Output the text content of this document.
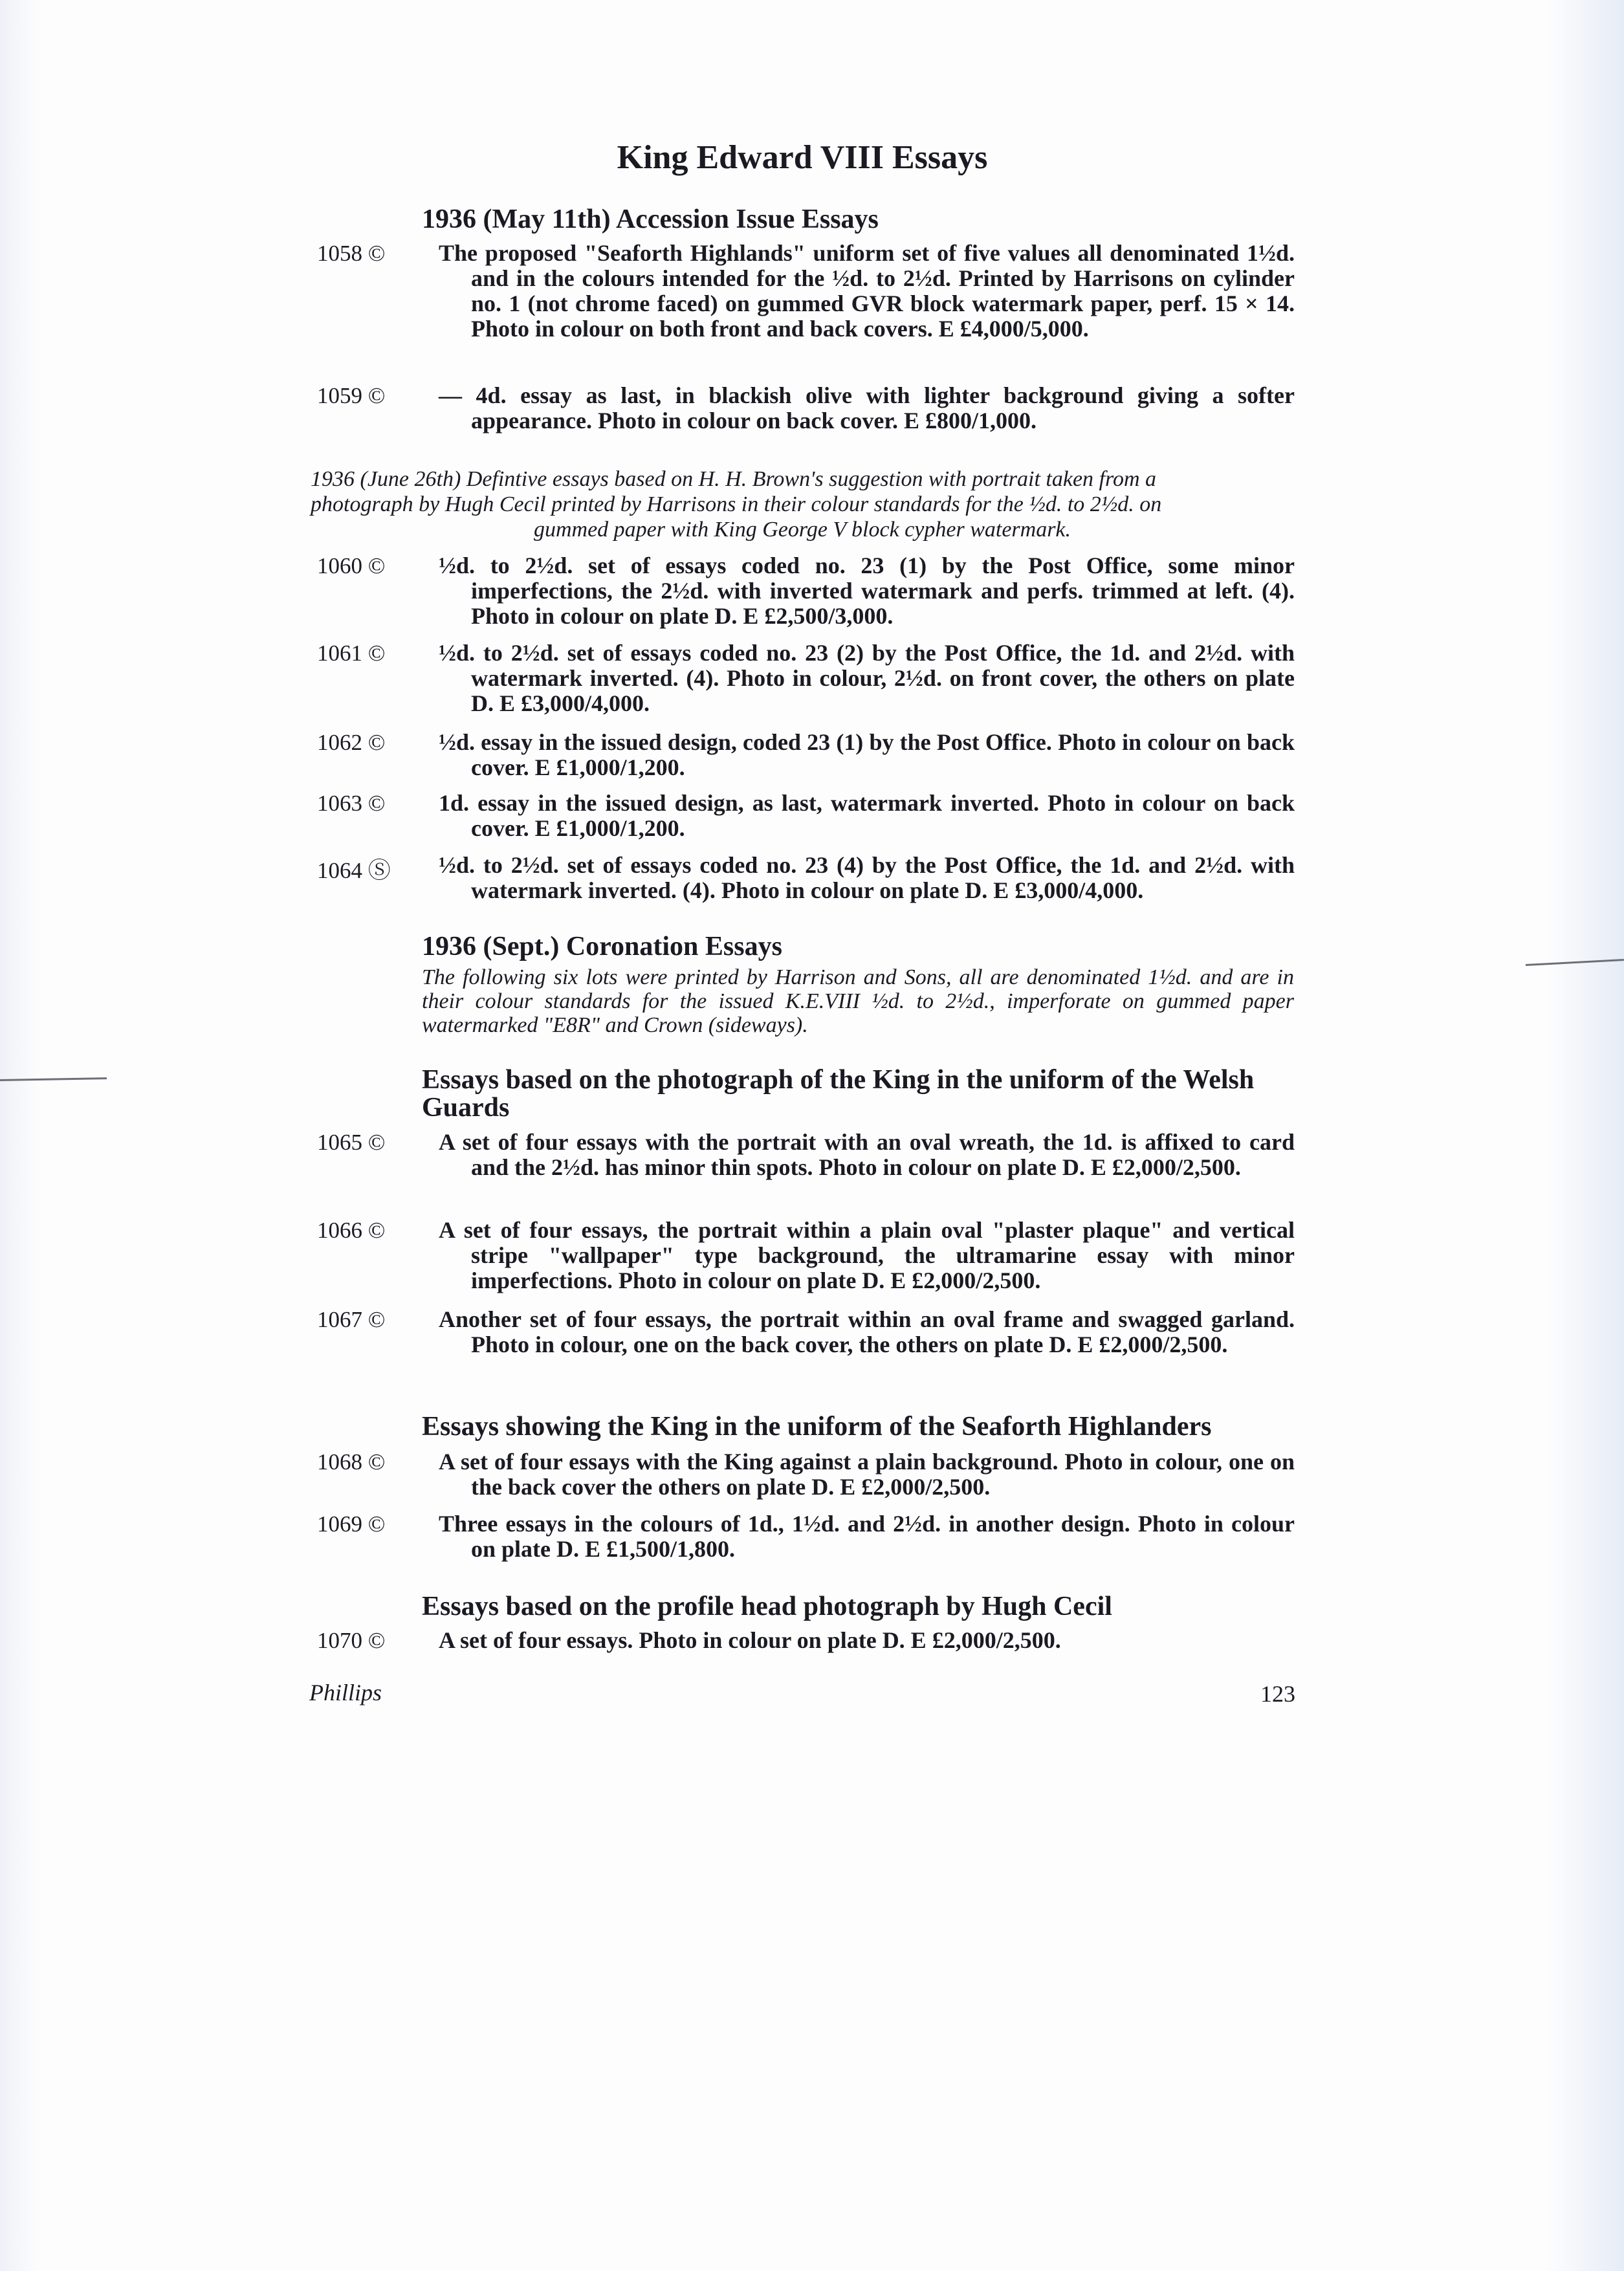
King Edward VIII Essays
1936 (May 11th) Accession Issue Essays
1058 © The proposed "Seaforth Highlands" uniform set of five values all denominated 1½d. and in the colours intended for the ½d. to 2½d. Printed by Harrisons on cylinder no. 1 (not chrome faced) on gummed GVR block watermark paper, perf. 15 × 14. Photo in colour on both front and back covers. E £4,000/5,000.
1059 © — 4d. essay as last, in blackish olive with lighter background giving a softer appearance. Photo in colour on back cover. E £800/1,000.
1936 (June 26th) Defintive essays based on H. H. Brown's suggestion with portrait taken from a
photograph by Hugh Cecil printed by Harrisons in their colour standards for the ½d. to 2½d. on
gummed paper with King George V block cypher watermark.
1060 © ½d. to 2½d. set of essays coded no. 23 (1) by the Post Office, some minor imperfections, the 2½d. with inverted watermark and perfs. trimmed at left. (4). Photo in colour on plate D. E £2,500/3,000.
1061 © ½d. to 2½d. set of essays coded no. 23 (2) by the Post Office, the 1d. and 2½d. with watermark inverted. (4). Photo in colour, 2½d. on front cover, the others on plate D. E £3,000/4,000.
1062 © ½d. essay in the issued design, coded 23 (1) by the Post Office. Photo in colour on back cover. E £1,000/1,200.
1063 © 1d. essay in the issued design, as last, watermark inverted. Photo in colour on back cover. E £1,000/1,200.
1064 Ⓢ ½d. to 2½d. set of essays coded no. 23 (4) by the Post Office, the 1d. and 2½d. with watermark inverted. (4). Photo in colour on plate D. E £3,000/4,000.
1936 (Sept.) Coronation Essays
The following six lots were printed by Harrison and Sons, all are denominated 1½d. and are in their colour standards for the issued K.E.VIII ½d. to 2½d., imperforate on gummed paper watermarked "E8R" and Crown (sideways).
Essays based on the photograph of the King in the uniform of the Welsh Guards
1065 © A set of four essays with the portrait with an oval wreath, the 1d. is affixed to card and the 2½d. has minor thin spots. Photo in colour on plate D. E £2,000/2,500.
1066 © A set of four essays, the portrait within a plain oval "plaster plaque" and vertical stripe "wallpaper" type background, the ultramarine essay with minor imperfections. Photo in colour on plate D. E £2,000/2,500.
1067 © Another set of four essays, the portrait within an oval frame and swagged garland. Photo in colour, one on the back cover, the others on plate D. E £2,000/2,500.
Essays showing the King in the uniform of the Seaforth Highlanders
1068 © A set of four essays with the King against a plain background. Photo in colour, one on the back cover the others on plate D. E £2,000/2,500.
1069 © Three essays in the colours of 1d., 1½d. and 2½d. in another design. Photo in colour on plate D. E £1,500/1,800.
Essays based on the profile head photograph by Hugh Cecil
1070 © A set of four essays. Photo in colour on plate D. E £2,000/2,500.
Phillips	123
